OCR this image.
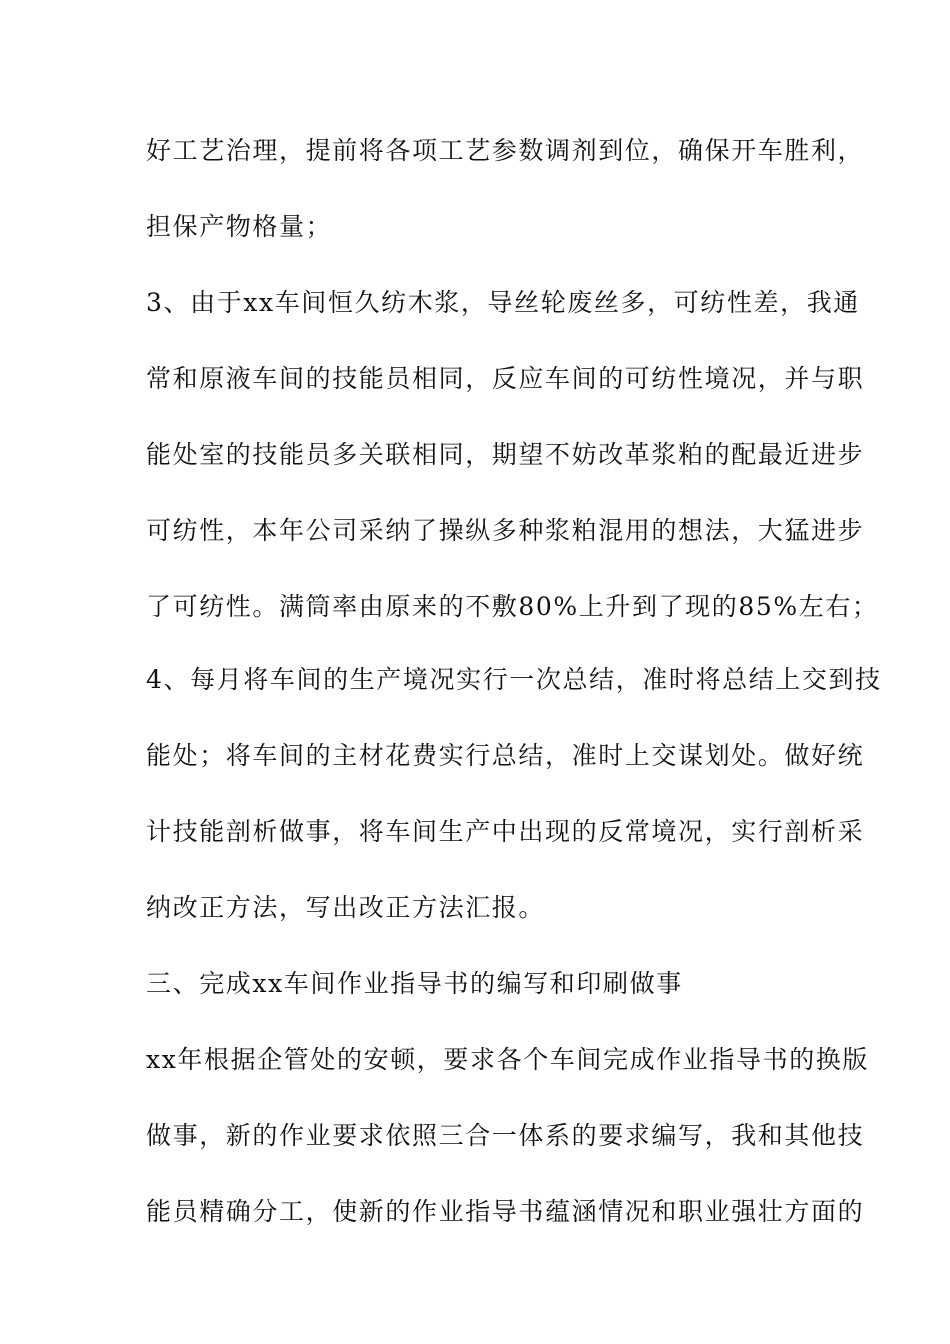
好工艺治理，提前将各项工艺参数调剂到位，确保开车胜利，
担保产物格量；
3、由于xx车间恒久纺木浆，导丝轮废丝多，可纺性差，我通
常和原液车间的技能员相同，反应车间的可纺性境况，并与职
能处室的技能员多关联相同，期望不妨改革浆粕的配最近进步
可纺性，本年公司采纳了操纵多种浆粕混用的想法，大猛进步
了可纺性。满筒率由原来的不敷80%上升到了现的85%左右；
4、每月将车间的生产境况实行一次总结，准时将总结上交到技
能处；将车间的主材花费实行总结，准时上交谋划处。做好统
计技能剖析做事，将车间生产中出现的反常境况，实行剖析采
纳改正方法，写出改正方法汇报。
三、完成xx车间作业指导书的编写和印刷做事
xx年根据企管处的安顿，要求各个车间完成作业指导书的换版
做事，新的作业要求依照三合一体系的要求编写，我和其他技
能员精确分工，使新的作业指导书蕴涵情况和职业强壮方面的
